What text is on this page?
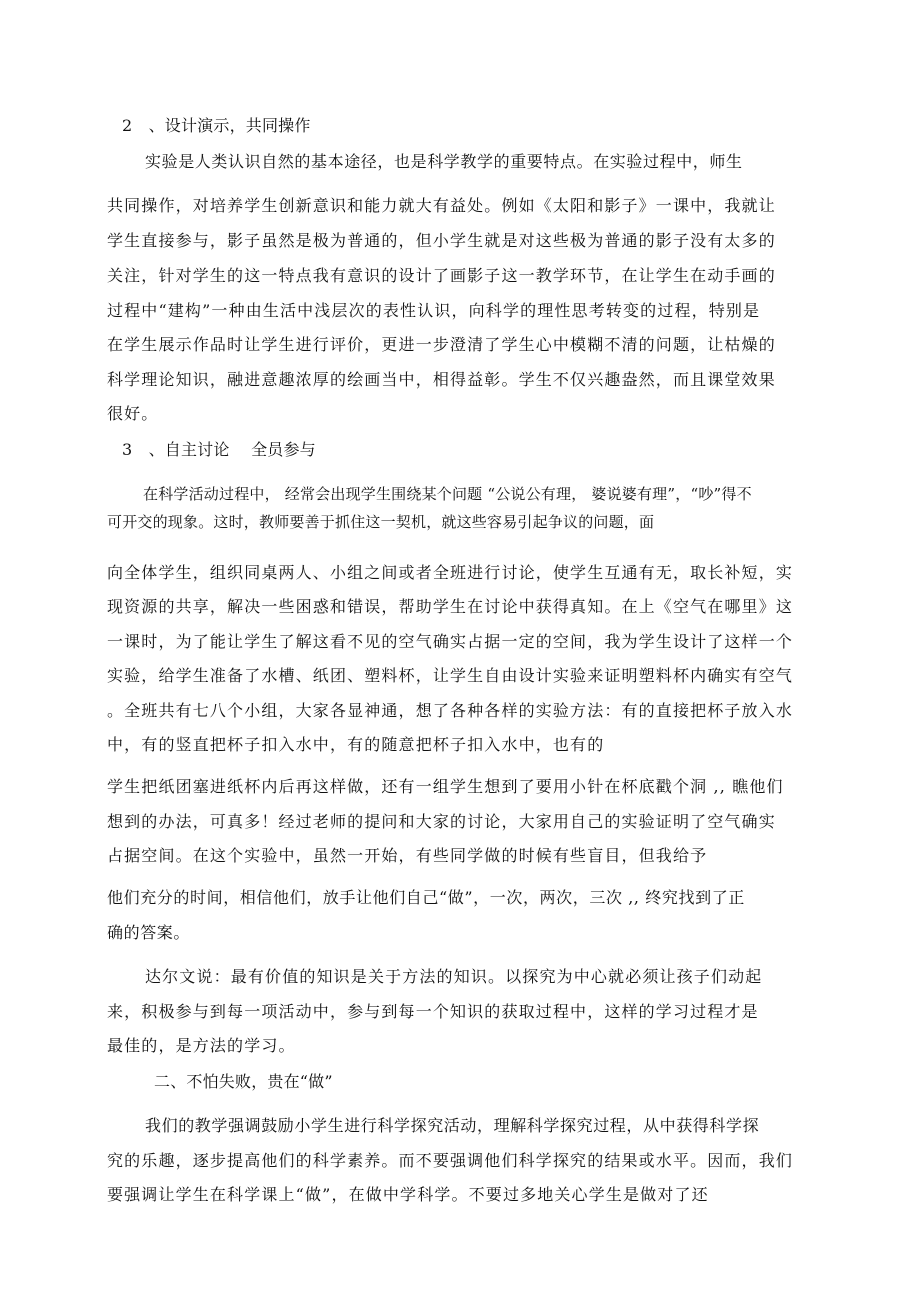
2　、设计演示，共同操作

实验是人类认识自然的基本途径，也是科学教学的重要特点。在实验过程中，师生

共同操作，对培养学生创新意识和能力就大有益处。例如《太阳和影子》一课中，我就让

学生直接参与，影子虽然是极为普通的，但小学生就是对这些极为普通的影子没有太多的

关注，针对学生的这一特点我有意识的设计了画影子这一教学环节，在让学生在动手画的

过程中“建构”一种由生活中浅层次的表性认识，向科学的理性思考转变的过程，特别是

在学生展示作品时让学生进行评价，更进一步澄清了学生心中模糊不清的问题，让枯燥的

科学理论知识，融进意趣浓厚的绘画当中，相得益彰。学生不仅兴趣盎然，而且课堂效果

很好。

3　、自主讨论　 全员参与

在科学活动过程中， 经常会出现学生围绕某个问题 “公说公有理， 婆说婆有理”，“吵”得不

可开交的现象。这时，教师要善于抓住这一契机，就这些容易引起争议的问题，面

向全体学生，组织同桌两人、小组之间或者全班进行讨论，使学生互通有无，取长补短，实

现资源的共享，解决一些困惑和错误，帮助学生在讨论中获得真知。在上《空气在哪里》这

一课时，为了能让学生了解这看不见的空气确实占据一定的空间，我为学生设计了这样一个

实验，给学生准备了水槽、纸团、塑料杯，让学生自由设计实验来证明塑料杯内确实有空气

。全班共有七八个小组，大家各显神通，想了各种各样的实验方法：有的直接把杯子放入水

中，有的竖直把杯子扣入水中，有的随意把杯子扣入水中，也有的

学生把纸团塞进纸杯内后再这样做，还有一组学生想到了要用小针在杯底戳个洞 ,, 瞧他们

想到的办法，可真多！经过老师的提问和大家的讨论，大家用自己的实验证明了空气确实

占据空间。在这个实验中，虽然一开始，有些同学做的时候有些盲目，但我给予

他们充分的时间，相信他们，放手让他们自己“做”，一次，两次，三次 ,, 终究找到了正

确的答案。

达尔文说：最有价值的知识是关于方法的知识。以探究为中心就必须让孩子们动起

来，积极参与到每一项活动中，参与到每一个知识的获取过程中，这样的学习过程才是

最佳的，是方法的学习。

二、不怕失败，贵在“做”

我们的教学强调鼓励小学生进行科学探究活动，理解科学探究过程，从中获得科学探

究的乐趣，逐步提高他们的科学素养。而不要强调他们科学探究的结果或水平。因而，我们

要强调让学生在科学课上“做”，在做中学科学。不要过多地关心学生是做对了还
